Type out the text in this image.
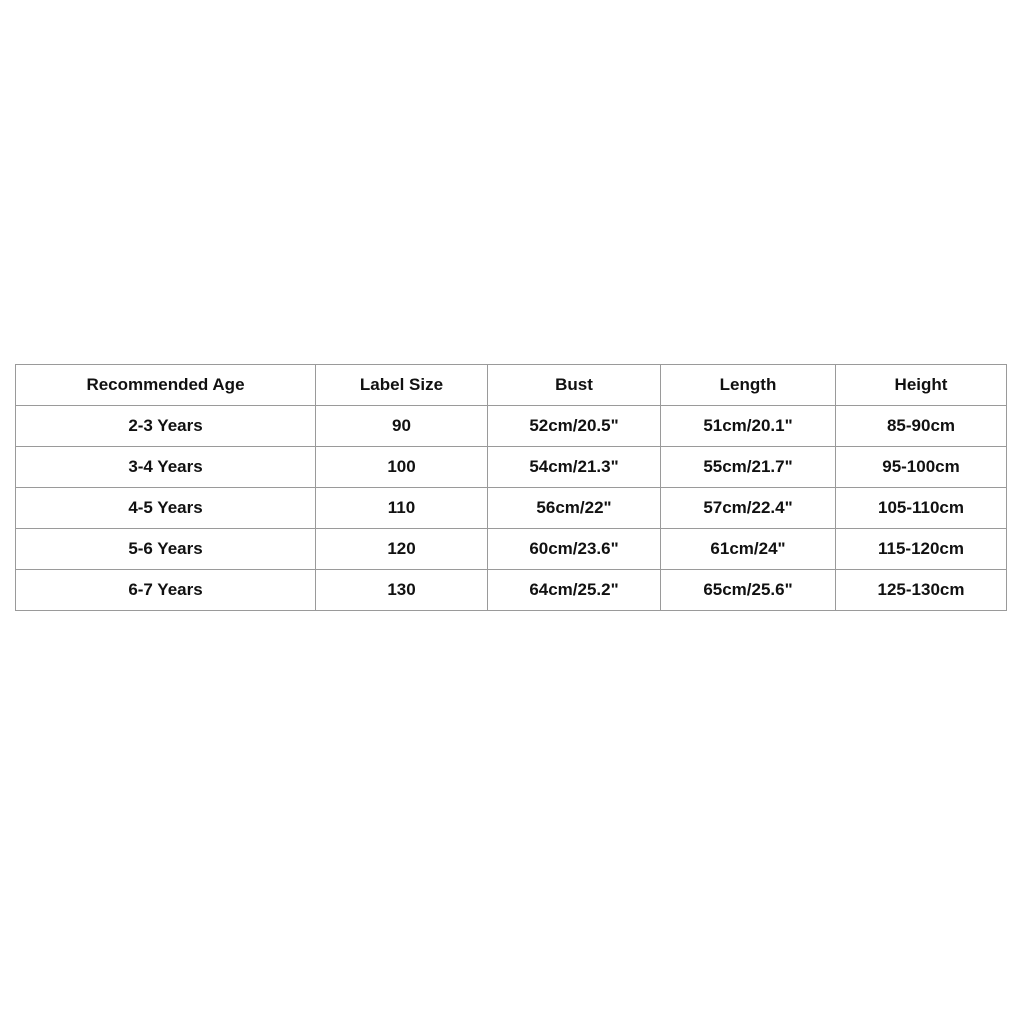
Recommended Age	Label Size	Bust	Length	Height
2-3 Years	90	52cm/20.5"	51cm/20.1"	85-90cm
3-4 Years	100	54cm/21.3"	55cm/21.7"	95-100cm
4-5 Years	110	56cm/22"	57cm/22.4"	105-110cm
5-6 Years	120	60cm/23.6"	61cm/24"	115-120cm
6-7 Years	130	64cm/25.2"	65cm/25.6"	125-130cm
